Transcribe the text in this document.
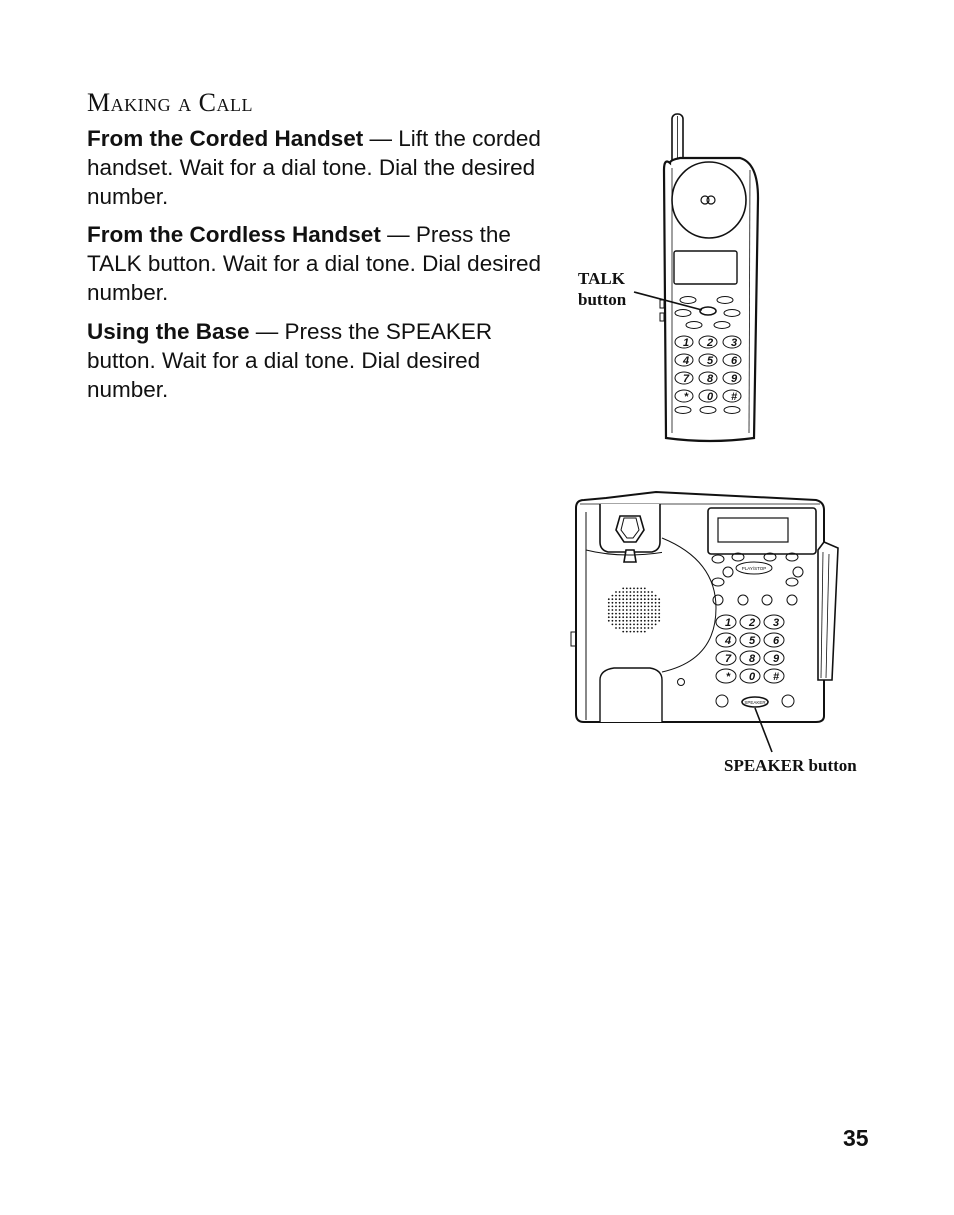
Making a Call

From the Corded Handset — Lift the corded handset. Wait for a dial tone. Dial the desired number.

From the Cordless Handset — Press the TALK button. Wait for a dial tone. Dial desired number.

Using the Base — Press the SPEAKER button. Wait for a dial tone. Dial desired number.

1 2 3
4 5 6
7 8 9
* 0 #
PLAY/STOP
1 2 3
4 5 6
7 8 9
* 0 #
SPEAKER
TALK
button
SPEAKER button
35
